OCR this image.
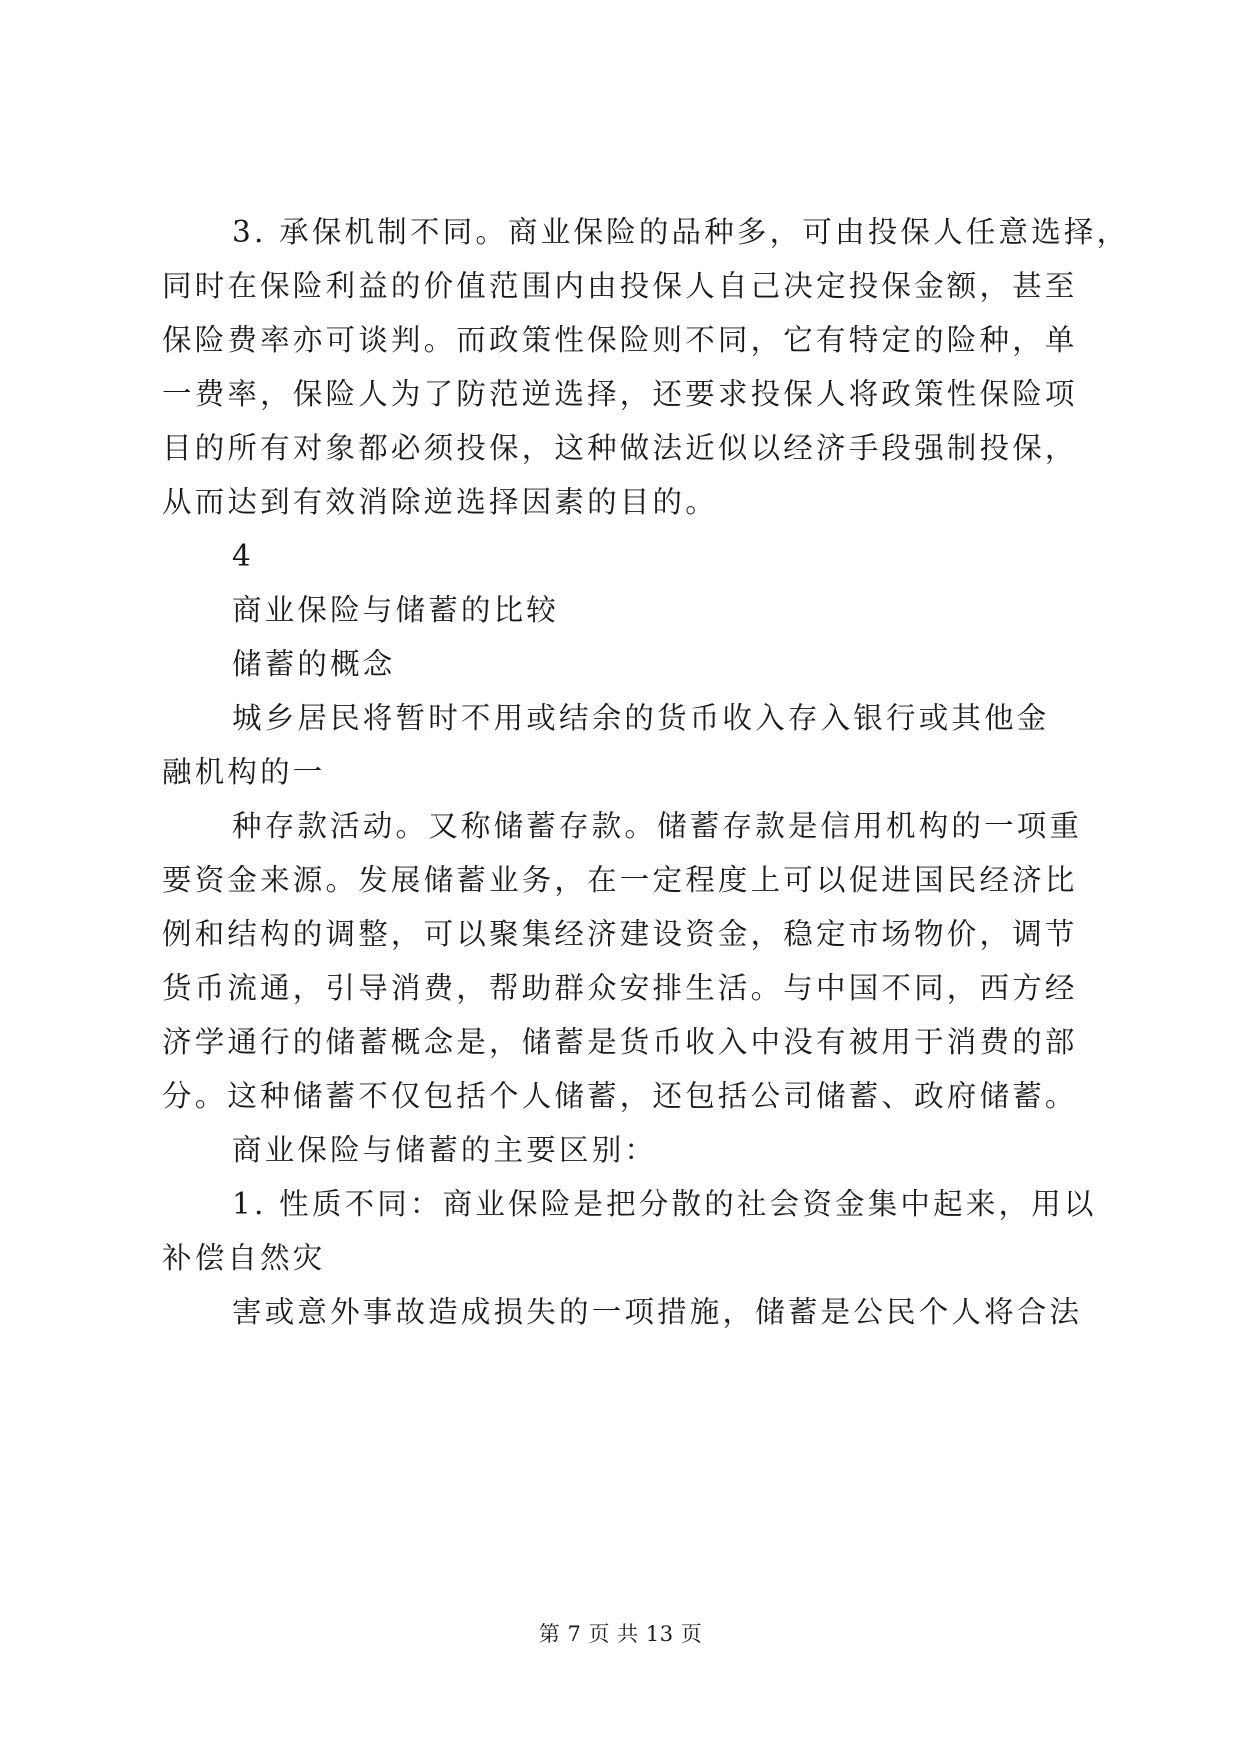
3. 承保机制不同。商业保险的品种多，可由投保人任意选择，
同时在保险利益的价值范围内由投保人自己决定投保金额，甚至
保险费率亦可谈判。而政策性保险则不同，它有特定的险种，单
一费率，保险人为了防范逆选择，还要求投保人将政策性保险项
目的所有对象都必须投保，这种做法近似以经济手段强制投保，
从而达到有效消除逆选择因素的目的。
4
商业保险与储蓄的比较
储蓄的概念
城乡居民将暂时不用或结余的货币收入存入银行或其他金
融机构的一
种存款活动。又称储蓄存款。储蓄存款是信用机构的一项重
要资金来源。发展储蓄业务，在一定程度上可以促进国民经济比
例和结构的调整，可以聚集经济建设资金，稳定市场物价，调节
货币流通，引导消费，帮助群众安排生活。与中国不同，西方经
济学通行的储蓄概念是，储蓄是货币收入中没有被用于消费的部
分。这种储蓄不仅包括个人储蓄，还包括公司储蓄、政府储蓄。
商业保险与储蓄的主要区别：
1. 性质不同：商业保险是把分散的社会资金集中起来，用以
补偿自然灾
害或意外事故造成损失的一项措施，储蓄是公民个人将合法
第 7 页 共 13 页
